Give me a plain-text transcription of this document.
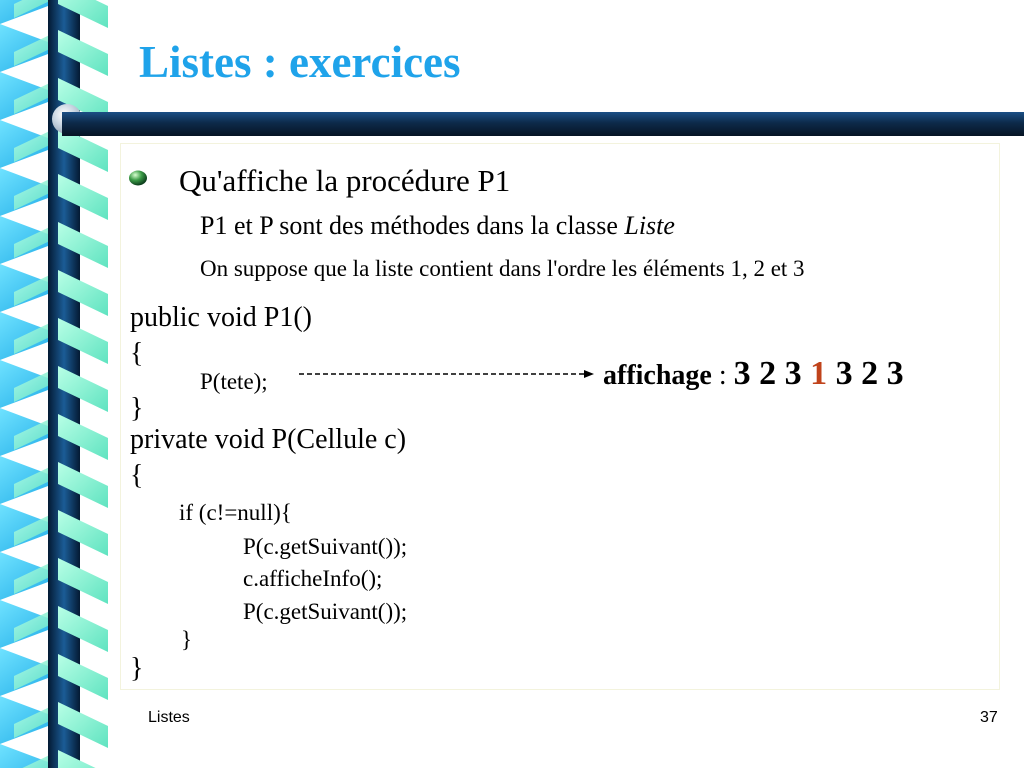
Listes : exercices
Qu'affiche la procédure P1
P1 et P sont des méthodes dans la classe Liste
On suppose que la liste contient dans l'ordre les éléments 1, 2 et 3
public void P1()
{
P(tete);
}
private void P(Cellule c)
{
if (c!=null){
P(c.getSuivant());
c.afficheInfo();
P(c.getSuivant());
}
}
affichage : 3 2 3 1 3 2 3
Listes	37
